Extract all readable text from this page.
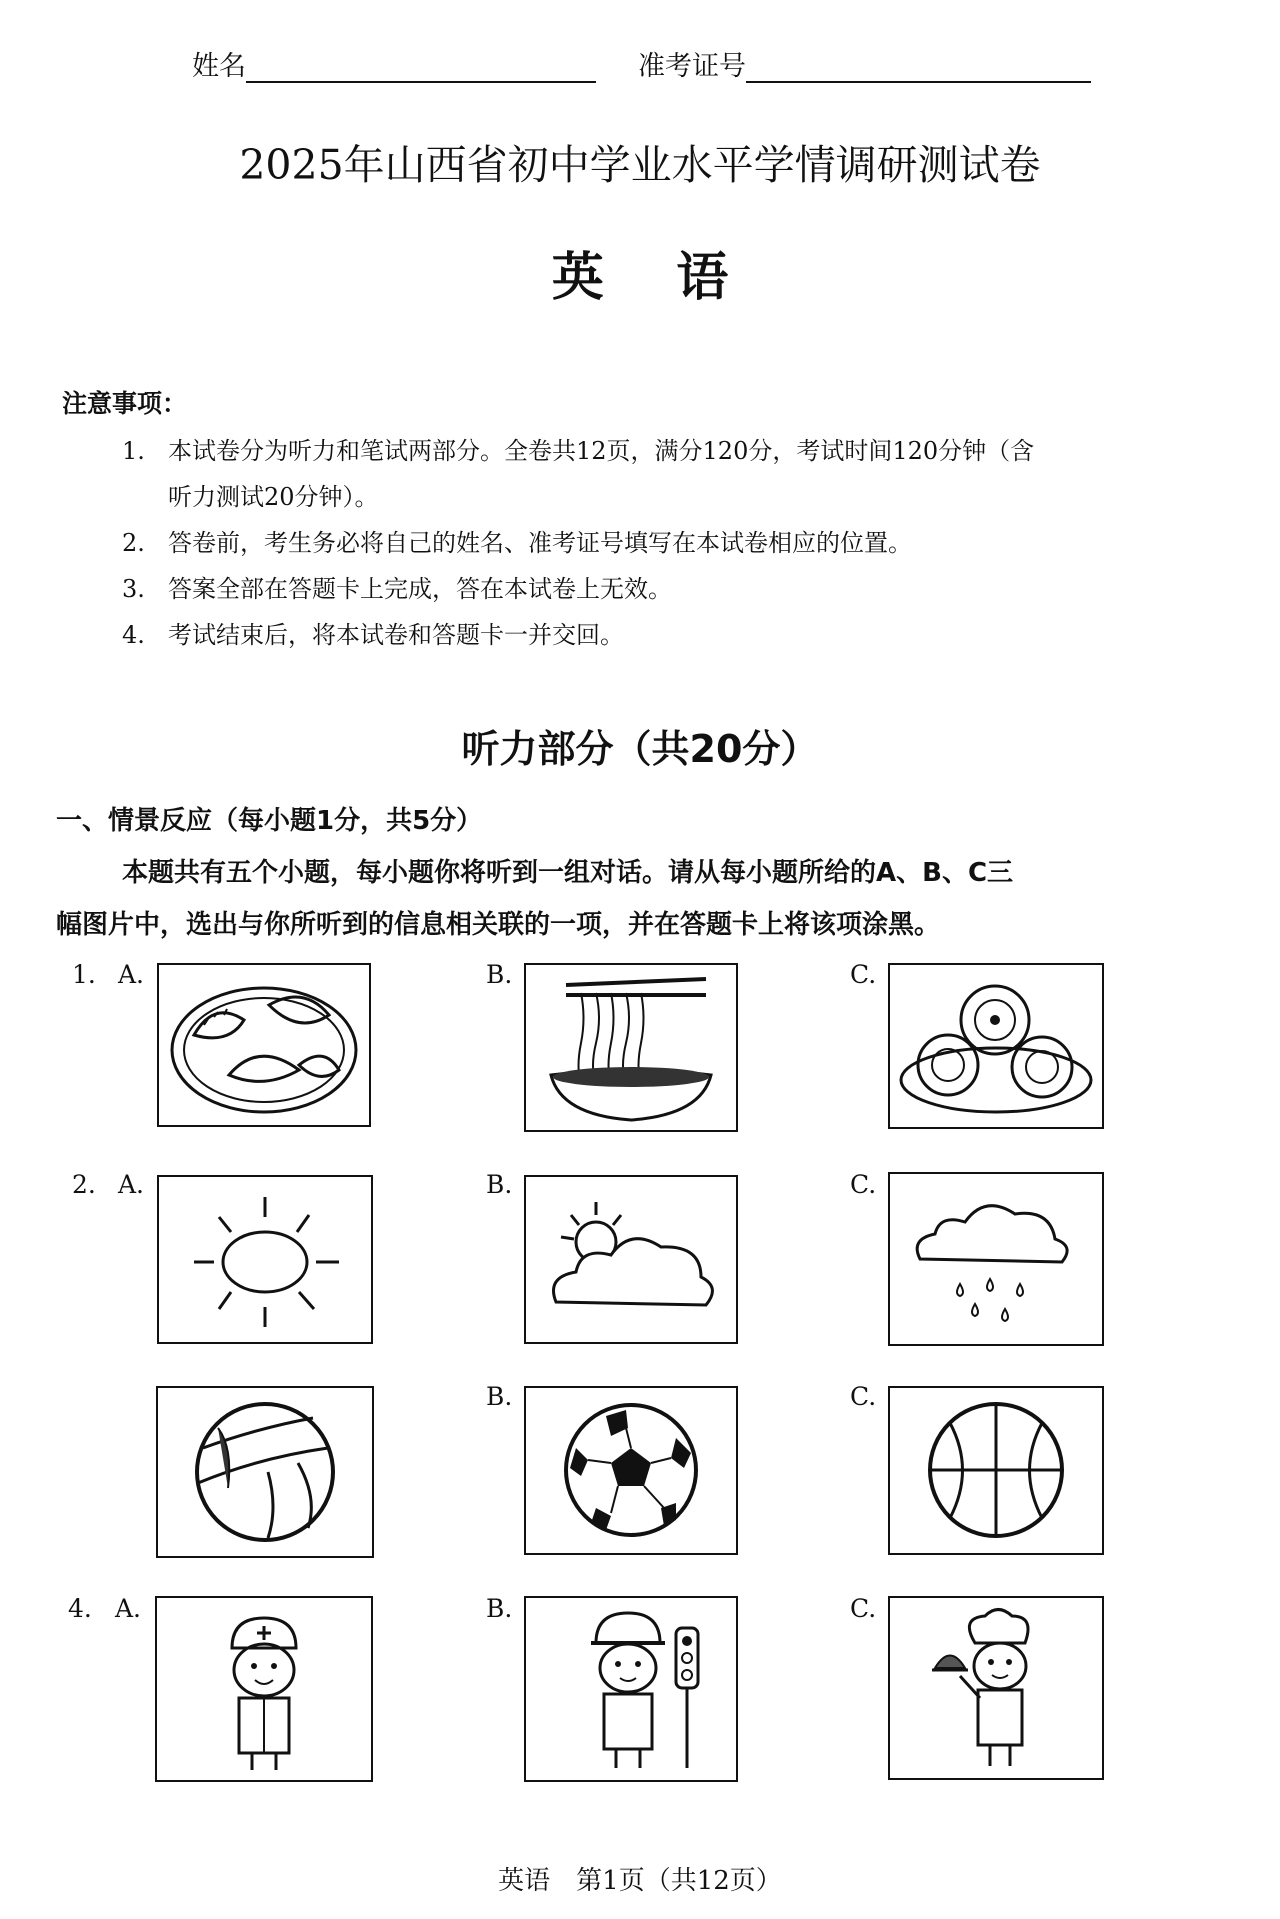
姓名	准考证号
2025年山西省初中学业水平学情调研测试卷
英    语
注意事项：
1. 本试卷分为听力和笔试两部分。全卷共12页，满分120分，考试时间120分钟（含
听力测试20分钟）。
2. 答卷前，考生务必将自己的姓名、准考证号填写在本试卷相应的位置。
3. 答案全部在答题卡上完成，答在本试卷上无效。
4. 考试结束后，将本试卷和答题卡一并交回。
听力部分（共20分）
一、情景反应（每小题1分，共5分）
本题共有五个小题，每小题你将听到一组对话。请从每小题所给的A、B、C三
幅图片中，选出与你所听到的信息相关联的一项，并在答题卡上将该项涂黑。
1. A.	B.	C.
2. A.	B.	C.
B.	C.
4. A.	B.	C.
英语　第1页（共12页）
